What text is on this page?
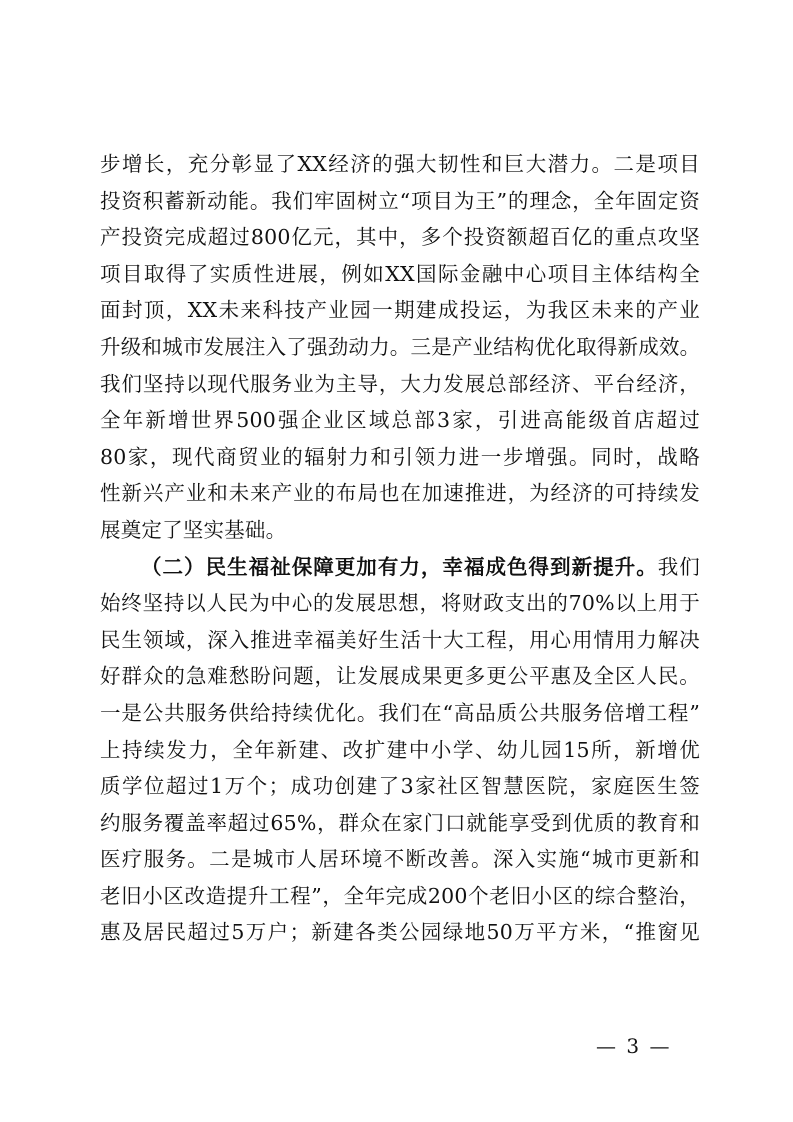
步增长，充分彰显了XX经济的强大韧性和巨大潜力。二是项目
投资积蓄新动能。我们牢固树立“项目为王”的理念，全年固定资
产投资完成超过800亿元，其中，多个投资额超百亿的重点攻坚
项目取得了实质性进展，例如XX国际金融中心项目主体结构全
面封顶，XX未来科技产业园一期建成投运，为我区未来的产业
升级和城市发展注入了强劲动力。三是产业结构优化取得新成效。
我们坚持以现代服务业为主导，大力发展总部经济、平台经济，
全年新增世界500强企业区域总部3家，引进高能级首店超过
80家，现代商贸业的辐射力和引领力进一步增强。同时，战略
性新兴产业和未来产业的布局也在加速推进，为经济的可持续发
展奠定了坚实基础。
（二）民生福祉保障更加有力，幸福成色得到新提升。我们
始终坚持以人民为中心的发展思想，将财政支出的70%以上用于
民生领域，深入推进幸福美好生活十大工程，用心用情用力解决
好群众的急难愁盼问题，让发展成果更多更公平惠及全区人民。
一是公共服务供给持续优化。我们在“高品质公共服务倍增工程”
上持续发力，全年新建、改扩建中小学、幼儿园15所，新增优
质学位超过1万个；成功创建了3家社区智慧医院，家庭医生签
约服务覆盖率超过65%，群众在家门口就能享受到优质的教育和
医疗服务。二是城市人居环境不断改善。深入实施“城市更新和
老旧小区改造提升工程”，全年完成200个老旧小区的综合整治，
惠及居民超过5万户；新建各类公园绿地50万平方米，“推窗见
— 3 —
